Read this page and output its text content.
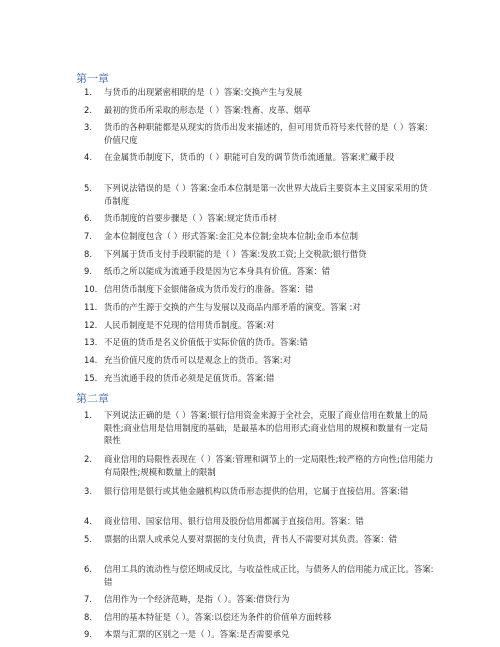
第一章
1.	与货币的出现紧密相联的是（ ）答案:交换产生与发展
2.	最初的货币所采取的形态是（ ）答案:牲畜、皮革、烟草
3.	货币的各种职能都是从现实的货币出发来描述的，但可用货币符号来代替的是（ ）答案:价值尺度
4.	在金属货币制度下，货币的（ ）职能可自发的调节货币流通量。答案:贮藏手段
5.	下列说法错误的是（ ）答案:金币本位制是第一次世界大战后主要资本主义国家采用的货币制度
6.	货币制度的首要步骤是（ ）答案:规定货币币材
7.	金本位制度包含（ ）形式答案:金汇兑本位制;金块本位制;金币本位制
8.	下列属于货币支付手段职能的是（ ）答案:发放工资;上交税款;银行借贷
9.	纸币之所以能成为流通手段是因为它本身具有价值。答案：错
10. 信用货币制度下金银储备成为货币发行的准备。答案：错
11. 货币的产生源于交换的产生与发展以及商品内部矛盾的演变。答案 :对
12. 人民币制度是不兑现的信用货币制度。答案:对
13. 不足值的货币是名义价值低于实际价值的货币。答案:错
14. 充当价值尺度的货币可以是观念上的货币。答案:对
15. 充当流通手段的货币必须是足值货币。答案:错
第二章
1.	下列说法正确的是（ ）答案:银行信用资金来源于全社会，克服了商业信用在数量上的局限性;商业信用是信用制度的基础，是最基本的信用形式;商业信用的规模和数量有一定局限性
2.	商业信用的局限性表现在（ ）答案:管理和调节上的一定局限性;较严格的方向性;信用能力有局限性;规模和数量上的限制
3.	银行信用是银行或其他金融机构以货币形态提供的信用，它属于直接信用。答案:错
4.	商业信用、国家信用、银行信用及股份信用都属于直接信用。答案：错
5.	票据的出票人或承兑人要对票据的支付负责，背书人不需要对其负责。答案：错
6.	信用工具的流动性与偿还期成反比，与收益性成正比，与债务人的信用能力成正比。答案:错
7.	信用作为一个经济范畴，是指（ ）。答案:借贷行为
8.	信用的基本特征是（ ）。答案:以偿还为条件的价值单方面转移
9.	本票与汇票的区别之一是（ ）。答案:是否需要承兑
